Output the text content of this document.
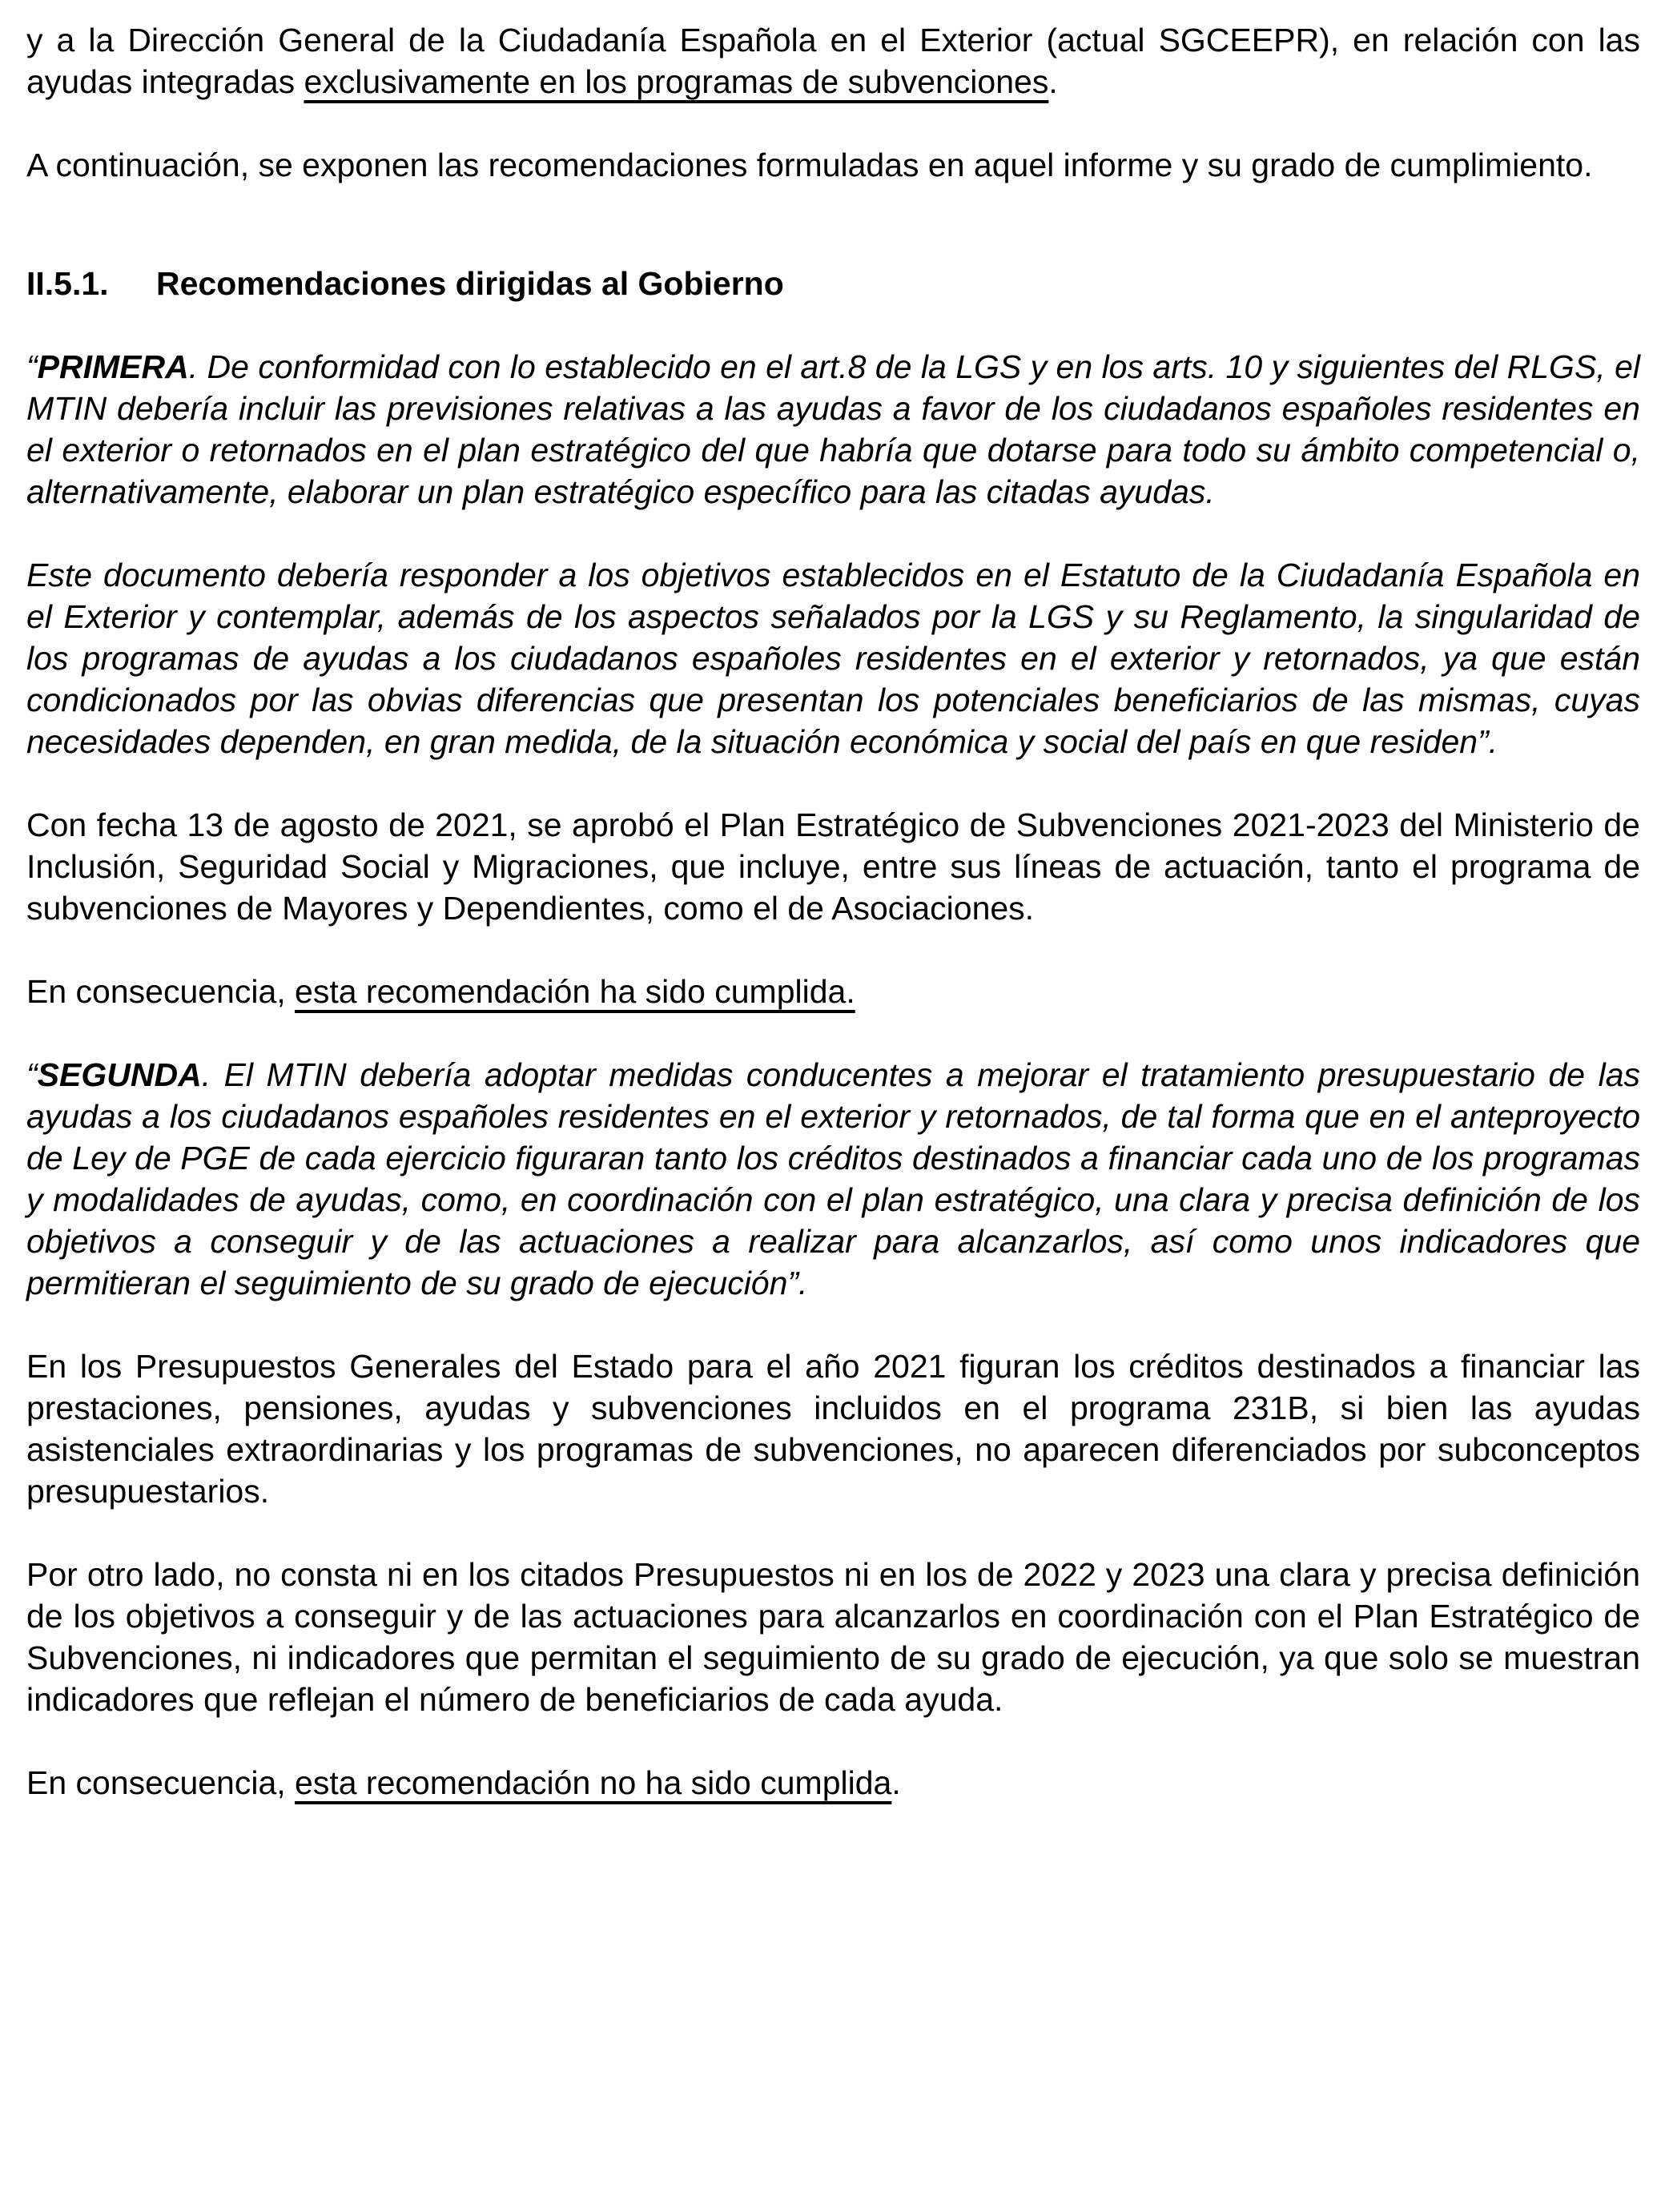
y a la Dirección General de la Ciudadanía Española en el Exterior (actual SGCEEPR), en relación con las ayudas integradas exclusivamente en los programas de subvenciones.

A continuación, se exponen las recomendaciones formuladas en aquel informe y su grado de cumplimiento.

II.5.1. Recomendaciones dirigidas al Gobierno

“PRIMERA. De conformidad con lo establecido en el art.8 de la LGS y en los arts. 10 y siguientes del RLGS, el MTIN debería incluir las previsiones relativas a las ayudas a favor de los ciudadanos españoles residentes en el exterior o retornados en el plan estratégico del que habría que dotarse para todo su ámbito competencial o, alternativamente, elaborar un plan estratégico específico para las citadas ayudas.

Este documento debería responder a los objetivos establecidos en el Estatuto de la Ciudadanía Española en el Exterior y contemplar, además de los aspectos señalados por la LGS y su Reglamento, la singularidad de los programas de ayudas a los ciudadanos españoles residentes en el exterior y retornados, ya que están condicionados por las obvias diferencias que presentan los potenciales beneficiarios de las mismas, cuyas necesidades dependen, en gran medida, de la situación económica y social del país en que residen”.

Con fecha 13 de agosto de 2021, se aprobó el Plan Estratégico de Subvenciones 2021-2023 del Ministerio de Inclusión, Seguridad Social y Migraciones, que incluye, entre sus líneas de actuación, tanto el programa de subvenciones de Mayores y Dependientes, como el de Asociaciones.

En consecuencia, esta recomendación ha sido cumplida.

“SEGUNDA. El MTIN debería adoptar medidas conducentes a mejorar el tratamiento presupuestario de las ayudas a los ciudadanos españoles residentes en el exterior y retornados, de tal forma que en el anteproyecto de Ley de PGE de cada ejercicio figuraran tanto los créditos destinados a financiar cada uno de los programas y modalidades de ayudas, como, en coordinación con el plan estratégico, una clara y precisa definición de los objetivos a conseguir y de las actuaciones a realizar para alcanzarlos, así como unos indicadores que permitieran el seguimiento de su grado de ejecución”.

En los Presupuestos Generales del Estado para el año 2021 figuran los créditos destinados a financiar las prestaciones, pensiones, ayudas y subvenciones incluidos en el programa 231B, si bien las ayudas asistenciales extraordinarias y los programas de subvenciones, no aparecen diferenciados por subconceptos presupuestarios.

Por otro lado, no consta ni en los citados Presupuestos ni en los de 2022 y 2023 una clara y precisa definición de los objetivos a conseguir y de las actuaciones para alcanzarlos en coordinación con el Plan Estratégico de Subvenciones, ni indicadores que permitan el seguimiento de su grado de ejecución, ya que solo se muestran indicadores que reflejan el número de beneficiarios de cada ayuda.

En consecuencia, esta recomendación no ha sido cumplida.
